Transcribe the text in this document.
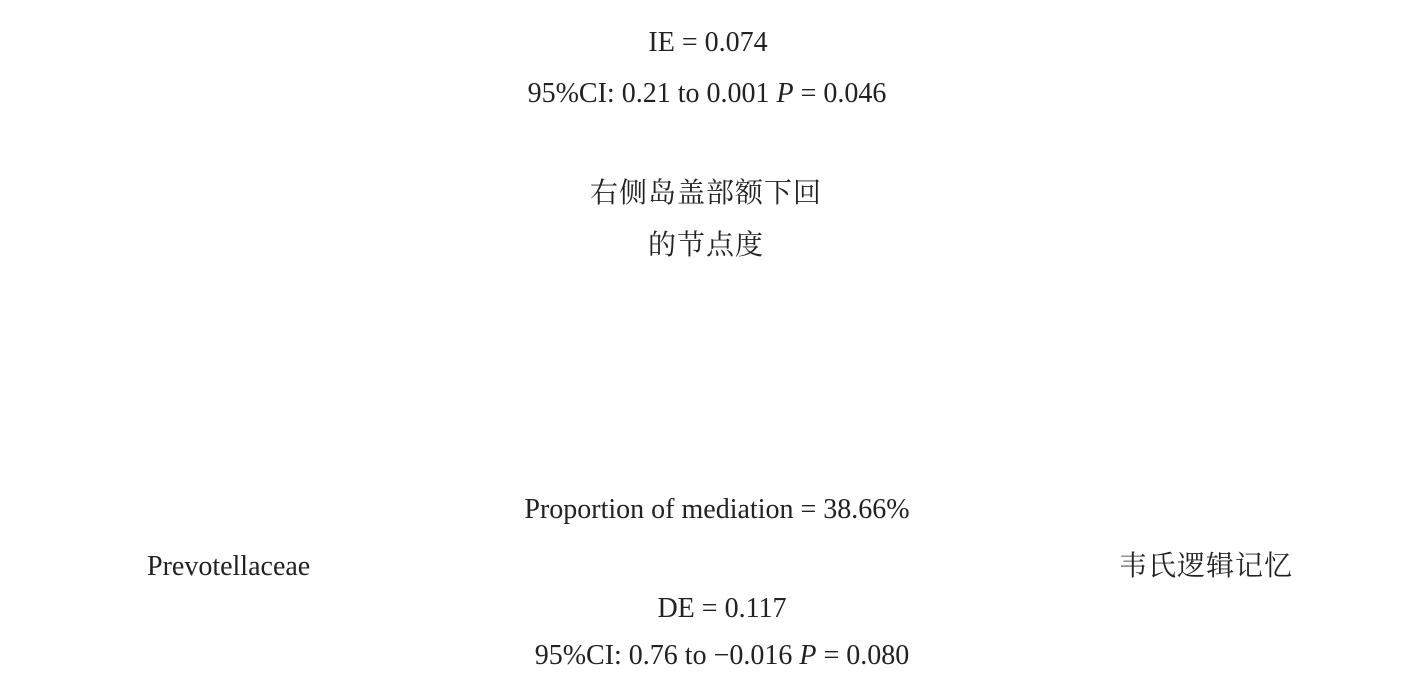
IE = 0.074
95%CI: 0.21 to 0.001 P = 0.046
右侧岛盖部额下回
的节点度
Proportion of mediation = 38.66%
Prevotellaceae	韦氏逻辑记忆
DE = 0.117
95%CI: 0.76 to −0.016 P = 0.080
